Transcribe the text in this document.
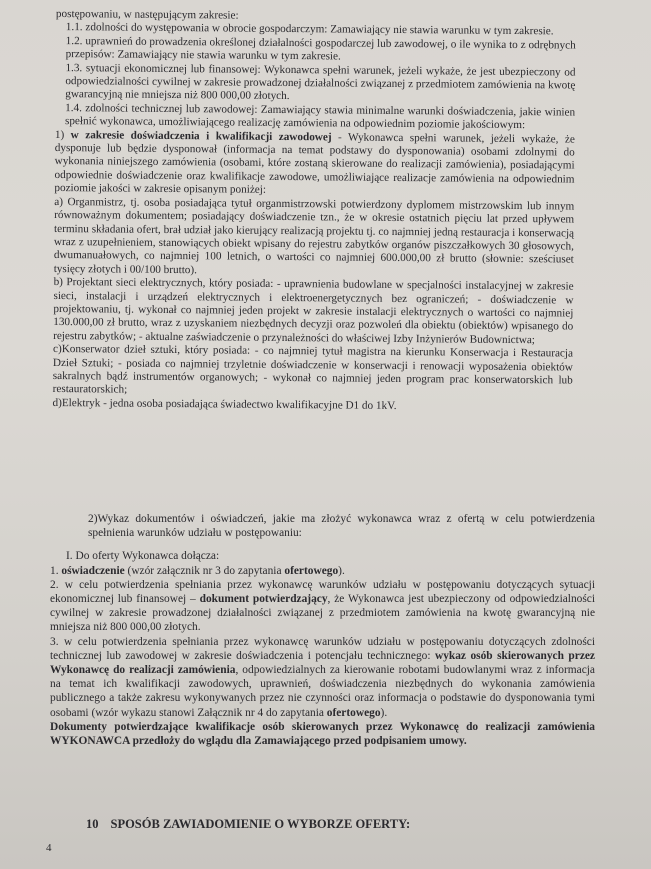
postępowaniu, w następującym zakresie:

1.1. zdolności do występowania w obrocie gospodarczym: Zamawiający nie stawia warunku w tym zakresie.

1.2. uprawnień do prowadzenia określonej działalności gospodarczej lub zawodowej, o ile wynika to z odrębnych przepisów: Zamawiający nie stawia warunku w tym zakresie.

1.3. sytuacji ekonomicznej lub finansowej: Wykonawca spełni warunek, jeżeli wykaże, że jest ubezpieczony od odpowiedzialności cywilnej w zakresie prowadzonej działalności związanej z przedmiotem zamówienia na kwotę gwarancyjną nie mniejsza niż 800 000,00 złotych.

1.4. zdolności technicznej lub zawodowej: Zamawiający stawia minimalne warunki doświadczenia, jakie winien spełnić wykonawca, umożliwiającego realizację zamówienia na odpowiednim poziomie jakościowym:

1) w zakresie doświadczenia i kwalifikacji zawodowej - Wykonawca spełni warunek, jeżeli wykaże, że dysponuje lub będzie dysponował (informacja na temat podstawy do dysponowania) osobami zdolnymi do wykonania niniejszego zamówienia (osobami, które zostaną skierowane do realizacji zamówienia), posiadającymi odpowiednie doświadczenie oraz kwalifikacje zawodowe, umożliwiające realizacje zamówienia na odpowiednim poziomie jakości w zakresie opisanym poniżej:

a) Organmistrz, tj. osoba posiadająca tytuł organmistrzowski potwierdzony dyplomem mistrzowskim lub innym równoważnym dokumentem; posiadający doświadczenie tzn., że w okresie ostatnich pięciu lat przed upływem terminu składania ofert, brał udział jako kierujący realizacją projektu tj. co najmniej jedną restauracja i konserwacją wraz z uzupełnieniem, stanowiących obiekt wpisany do rejestru zabytków organów piszczałkowych 30 głosowych, dwumanuałowych, co najmniej 100 letnich, o wartości co najmniej 600.000,00 zł brutto (słownie: sześciuset tysięcy złotych i 00/100 brutto).

b) Projektant sieci elektrycznych, który posiada: - uprawnienia budowlane w specjalności instalacyjnej w zakresie sieci, instalacji i urządzeń elektrycznych i elektroenergetycznych bez ograniczeń; - doświadczenie w projektowaniu, tj. wykonał co najmniej jeden projekt w zakresie instalacji elektrycznych o wartości co najmniej 130.000,00 zł brutto, wraz z uzyskaniem niezbędnych decyzji oraz pozwoleń dla obiektu (obiektów) wpisanego do rejestru zabytków; - aktualne zaświadczenie o przynależności do właściwej Izby Inżynierów Budownictwa;

c)Konserwator dzieł sztuki, który posiada: - co najmniej tytuł magistra na kierunku Konserwacja i Restauracja Dzieł Sztuki; - posiada co najmniej trzyletnie doświadczenie w konserwacji i renowacji wyposażenia obiektów sakralnych bądź instrumentów organowych; - wykonał co najmniej jeden program prac konserwatorskich lub restauratorskich;

d)Elektryk - jedna osoba posiadająca świadectwo kwalifikacyjne D1 do 1kV.

2)Wykaz dokumentów i oświadczeń, jakie ma złożyć wykonawca wraz z ofertą w celu potwierdzenia spełnienia warunków udziału w postępowaniu:

I. Do oferty Wykonawca dołącza:

1. oświadczenie (wzór załącznik nr 3 do zapytania ofertowego).

2. w celu potwierdzenia spełniania przez wykonawcę warunków udziału w postępowaniu dotyczących sytuacji ekonomicznej lub finansowej – dokument potwierdzający, że Wykonawca jest ubezpieczony od odpowiedzialności cywilnej w zakresie prowadzonej działalności związanej z przedmiotem zamówienia na kwotę gwarancyjną nie mniejsza niż 800 000,00 złotych.

3. w celu potwierdzenia spełniania przez wykonawcę warunków udziału w postępowaniu dotyczących zdolności technicznej lub zawodowej w zakresie doświadczenia i potencjału technicznego: wykaz osób skierowanych przez Wykonawcę do realizacji zamówienia, odpowiedzialnych za kierowanie robotami budowlanymi wraz z informacja na temat ich kwalifikacji zawodowych, uprawnień, doświadczenia niezbędnych do wykonania zamówienia publicznego a także zakresu wykonywanych przez nie czynności oraz informacja o podstawie do dysponowania tymi osobami (wzór wykazu stanowi Załącznik nr 4 do zapytania ofertowego).

Dokumenty potwierdzające kwalifikacje osób skierowanych przez Wykonawcę do realizacji zamówienia WYKONAWCA przedłoży do wglądu dla Zamawiającego przed podpisaniem umowy.

10 SPOSÓB ZAWIADOMIENIE O WYBORZE OFERTY:
4
